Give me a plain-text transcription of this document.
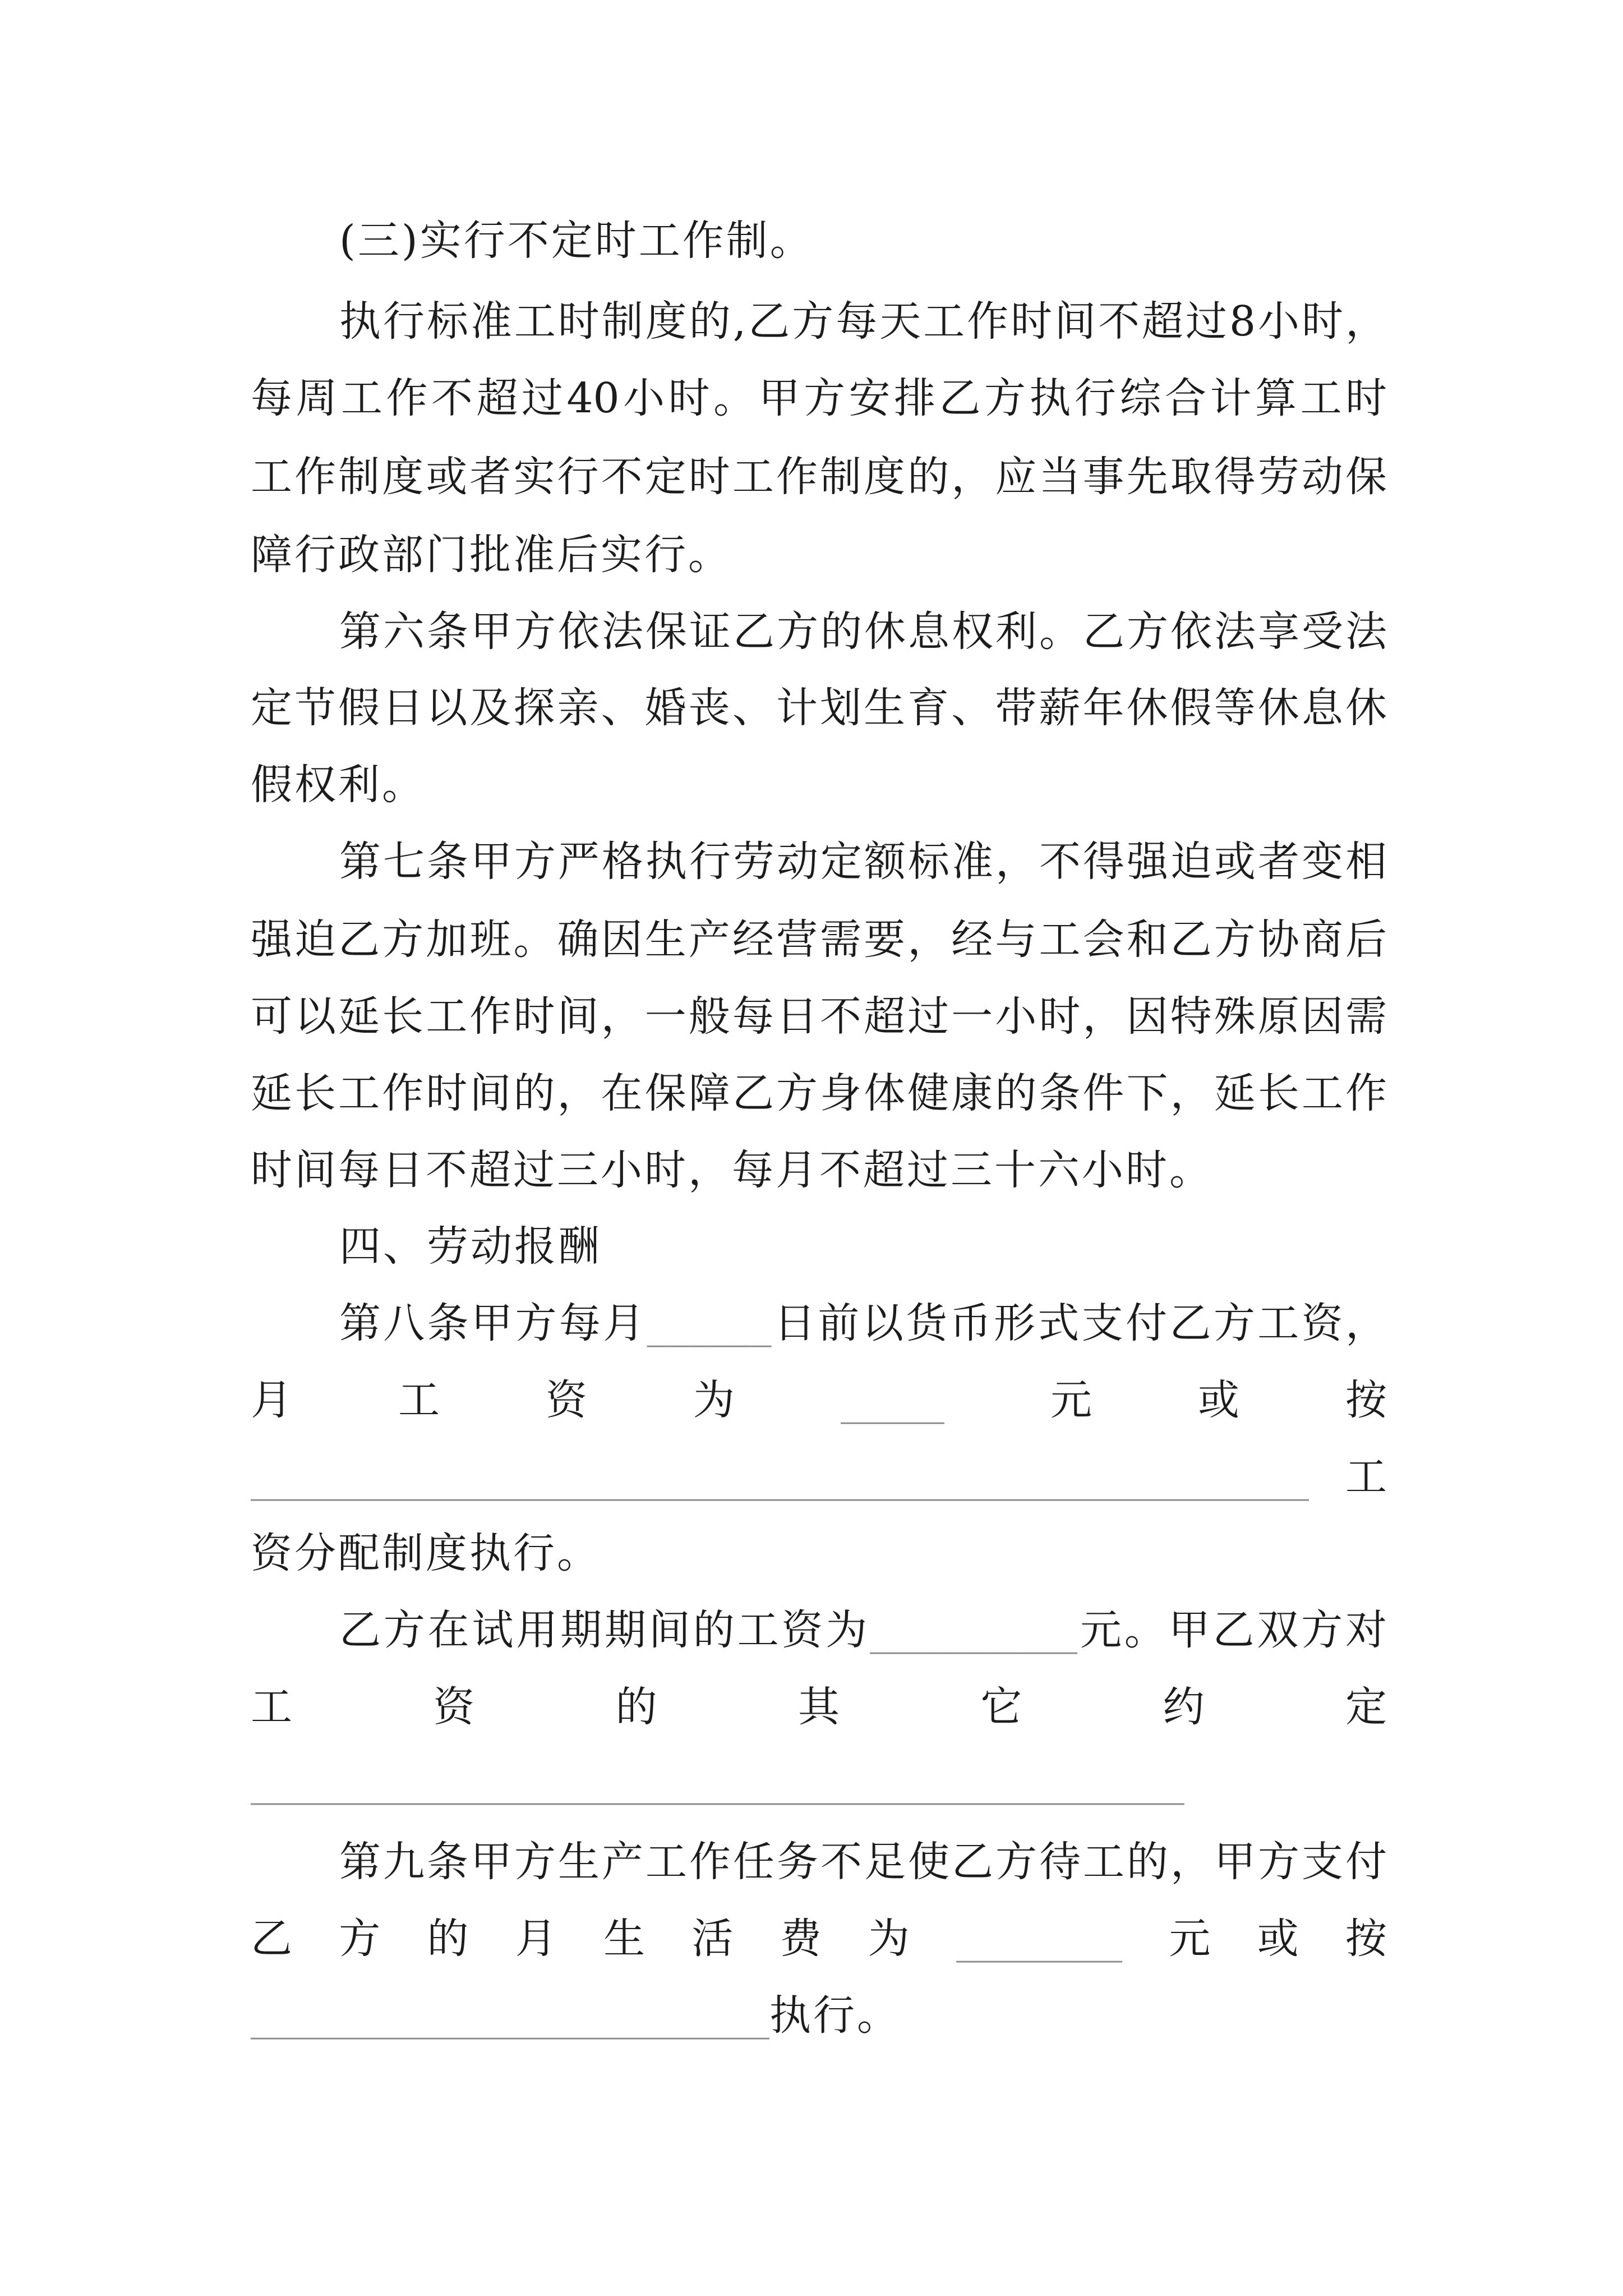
(三)实行不定时工作制。
执行标准工时制度的,乙方每天工作时间不超过8小时，
每周工作不超过40小时。甲方安排乙方执行综合计算工时
工作制度或者实行不定时工作制度的，应当事先取得劳动保
障行政部门批准后实行。
第六条甲方依法保证乙方的休息权利。乙方依法享受法
定节假日以及探亲、婚丧、计划生育、带薪年休假等休息休
假权利。
第七条甲方严格执行劳动定额标准，不得强迫或者变相
强迫乙方加班。确因生产经营需要，经与工会和乙方协商后
可以延长工作时间，一般每日不超过一小时，因特殊原因需
延长工作时间的，在保障乙方身体健康的条件下，延长工作
时间每日不超过三小时，每月不超过三十六小时。
四、劳动报酬
第八条甲方每月______日前以货币形式支付乙方工资，
月	工	资	为	_____	元	或	按
___________________________________________________ 工
资分配制度执行。
乙方在试用期期间的工资为__________元。甲乙双方对
工	资	的	其	它	约	定
_____________________________________________
第九条甲方生产工作任务不足使乙方待工的，甲方支付
乙 方 的 月 生 活 费 为 ________ 元 或 按
_________________________ 执行。
